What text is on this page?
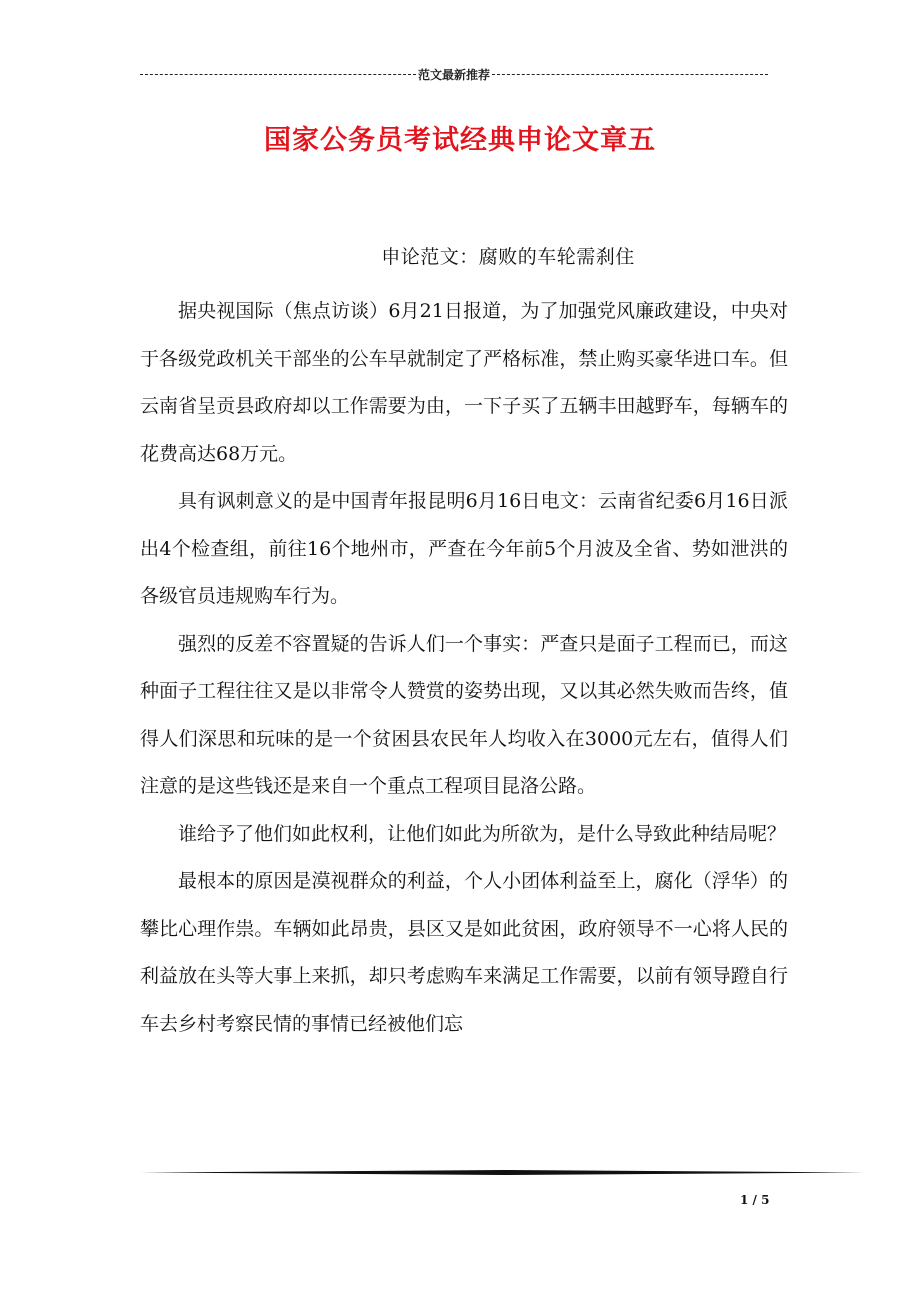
范文最新推荐
国家公务员考试经典申论文章五
申论范文：腐败的车轮需刹住

据央视国际（焦点访谈）6月21日报道，为了加强党风廉政建设，中央对于各级党政机关干部坐的公车早就制定了严格标准，禁止购买豪华进口车。但云南省呈贡县政府却以工作需要为由，一下子买了五辆丰田越野车，每辆车的花费高达68万元。

具有讽刺意义的是中国青年报昆明6月16日电文：云南省纪委6月16日派出4个检查组，前往16个地州市，严查在今年前5个月波及全省、势如泄洪的各级官员违规购车行为。

强烈的反差不容置疑的告诉人们一个事实：严查只是面子工程而已，而这种面子工程往往又是以非常令人赞赏的姿势出现，又以其必然失败而告终，值得人们深思和玩味的是一个贫困县农民年人均收入在3000元左右，值得人们注意的是这些钱还是来自一个重点工程项目昆洛公路。

谁给予了他们如此权利，让他们如此为所欲为，是什么导致此种结局呢？

最根本的原因是漠视群众的利益，个人小团体利益至上，腐化（浮华）的攀比心理作祟。车辆如此昂贵，县区又是如此贫困，政府领导不一心将人民的利益放在头等大事上来抓，却只考虑购车来满足工作需要，以前有领导蹬自行车去乡村考察民情的事情已经被他们忘

1 / 5
